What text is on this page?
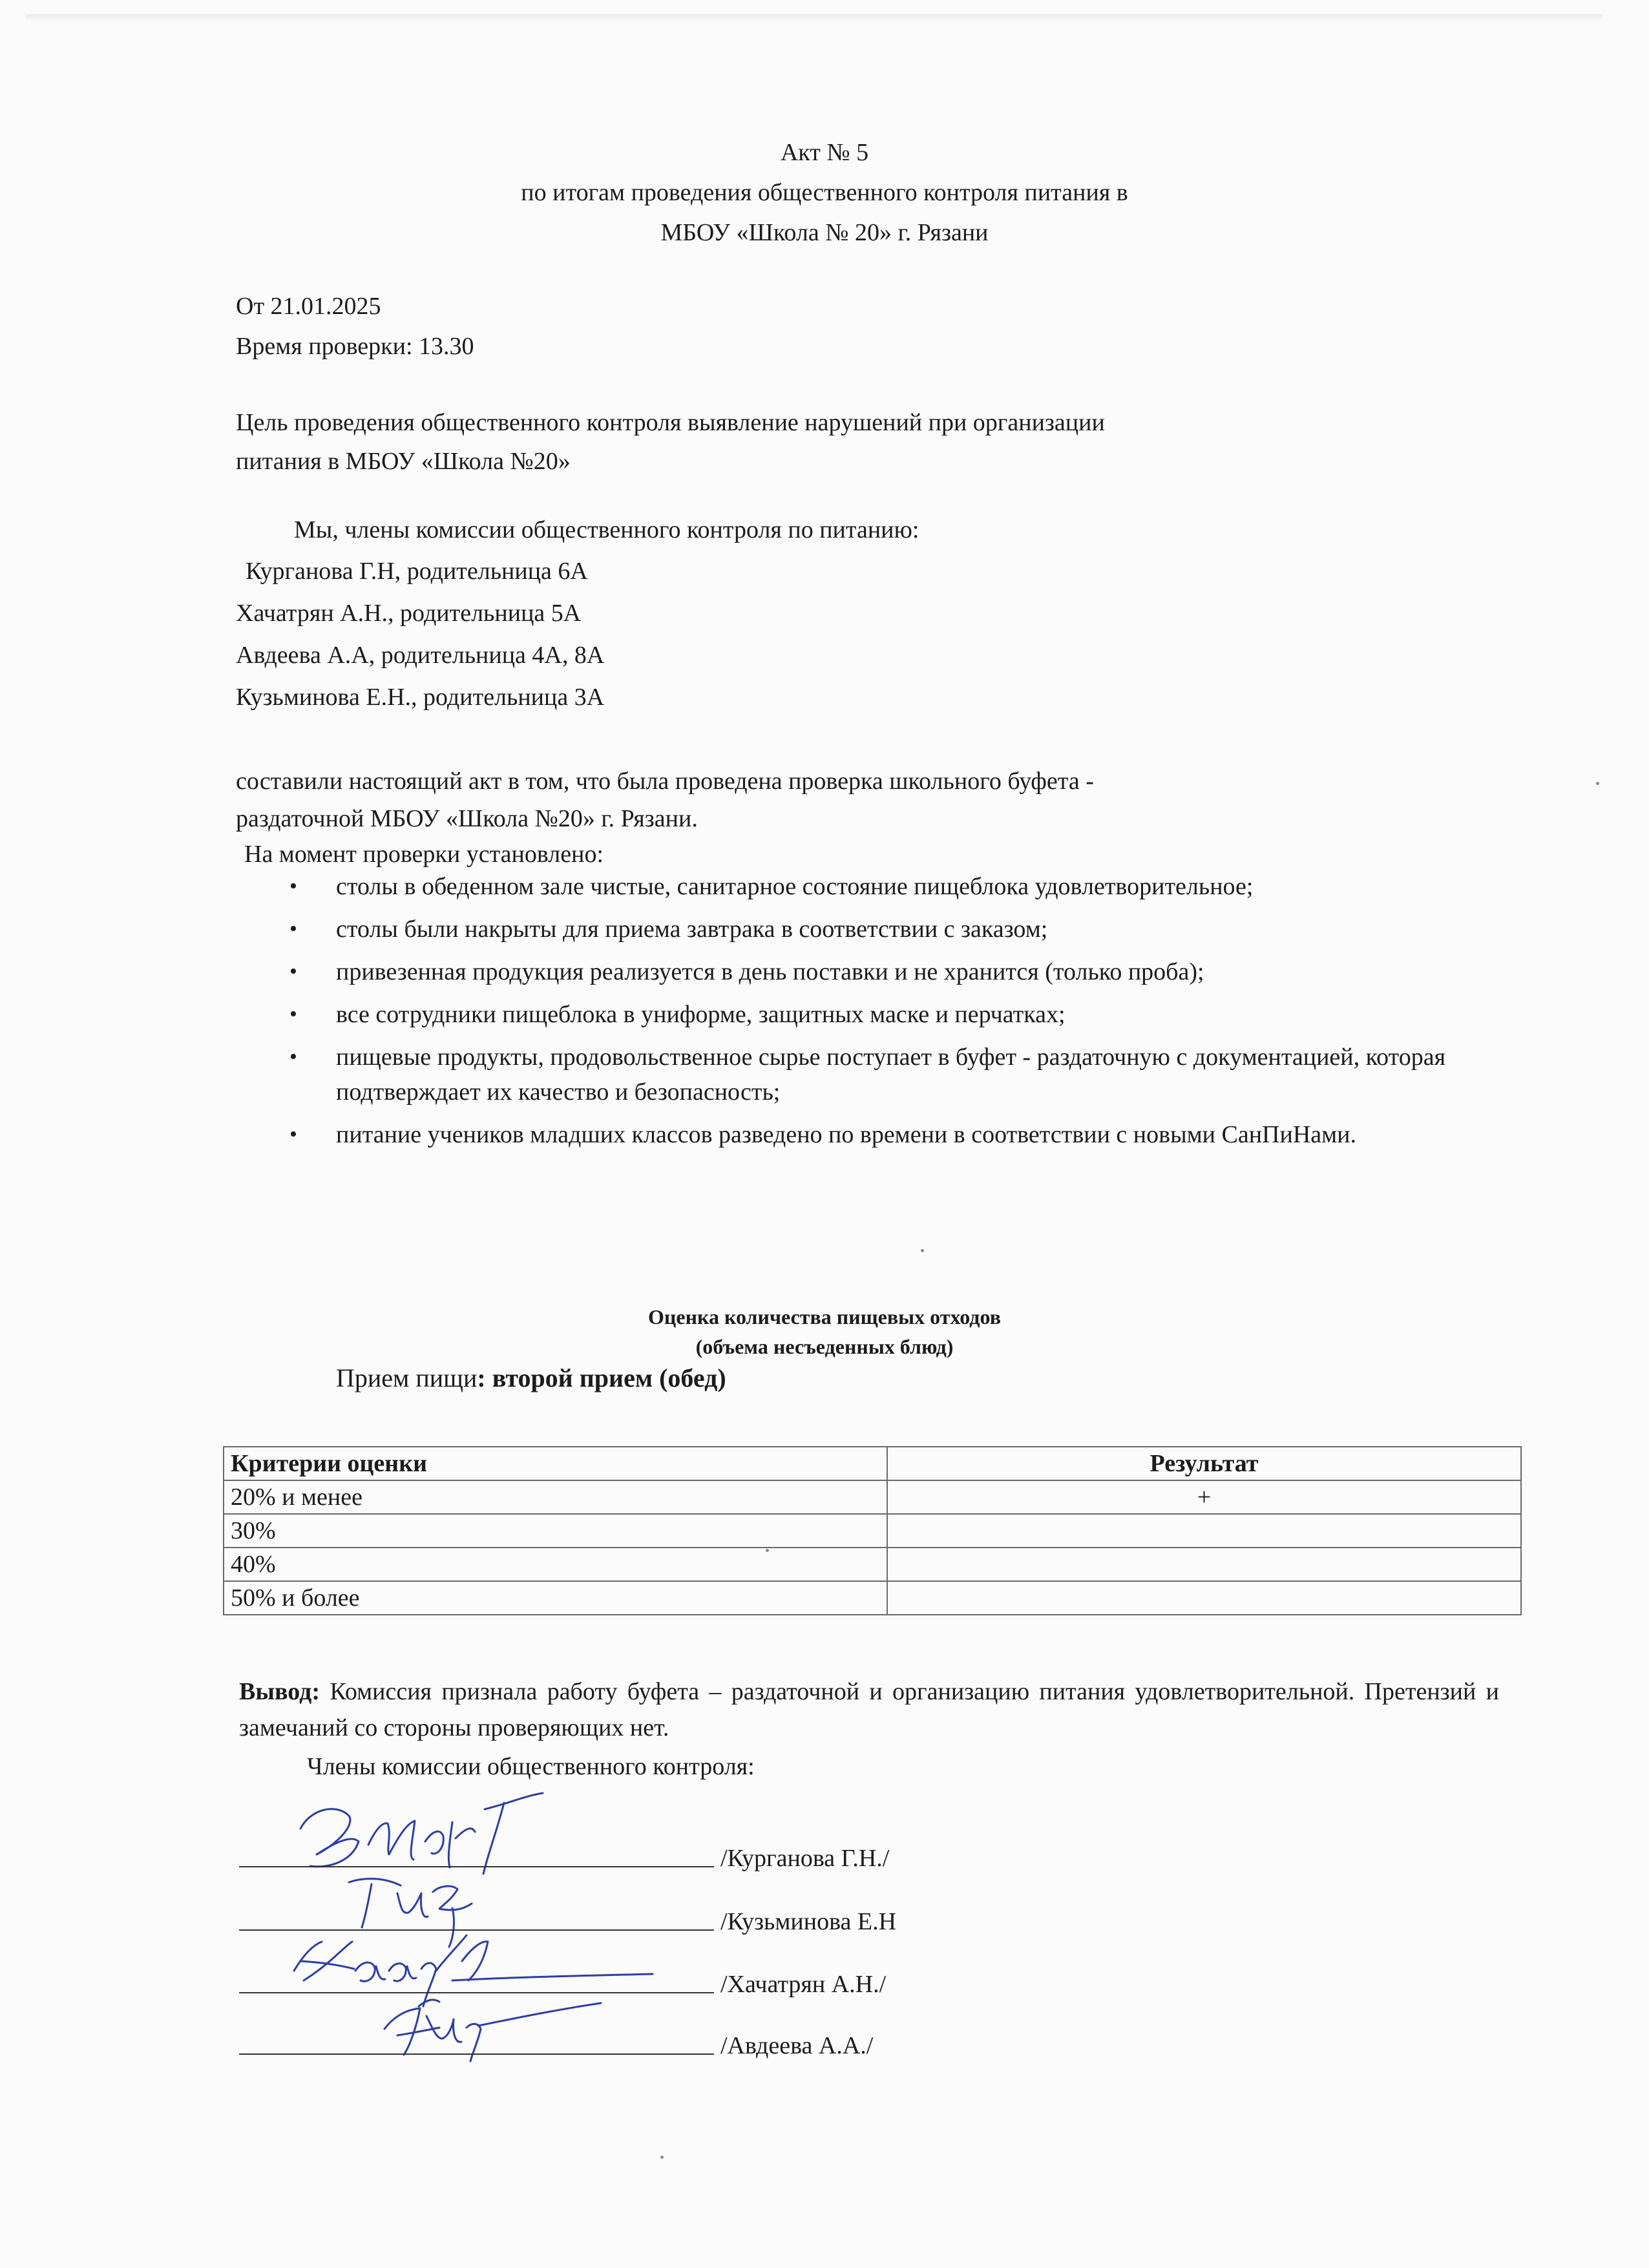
Акт № 5
по итогам проведения общественного контроля питания в
МБОУ «Школа № 20» г. Рязани
От 21.01.2025
Время проверки: 13.30
Цель проведения общественного контроля выявление нарушений при организации
питания в МБОУ «Школа №20»
Мы, члены комиссии общественного контроля по питанию:
Курганова Г.Н, родительница 6А
Хачатрян А.Н., родительница 5А
Авдеева А.А, родительница 4А, 8А
Кузьминова Е.Н., родительница 3А
составили настоящий акт в том, что была проведена проверка школьного буфета -
раздаточной МБОУ «Школа №20» г. Рязани.
На момент проверки установлено:
• столы в обеденном зале чистые, санитарное состояние пищеблока удовлетворительное;
• столы были накрыты для приема завтрака в соответствии с заказом;
• привезенная продукция реализуется в день поставки и не хранится (только проба);
• все сотрудники пищеблока в униформе, защитных маске и перчатках;
• пищевые продукты, продовольственное сырье поступает в буфет - раздаточную с документацией, которая подтверждает их качество и безопасность;
• питание учеников младших классов разведено по времени в соответствии с новыми СанПиНами.
Оценка количества пищевых отходов
(объема несъеденных блюд)
Прием пищи: второй прием (обед)
Критерии оценки	Результат
20% и менее	+
30%	
40%	
50% и более	
Вывод: Комиссия признала работу буфета – раздаточной и организацию питания удовлетворительной. Претензий и замечаний со стороны проверяющих нет.
Члены комиссии общественного контроля:
/Курганова Г.Н./
/Кузьминова Е.Н
/Хачатрян А.Н./
/Авдеева А.А./
